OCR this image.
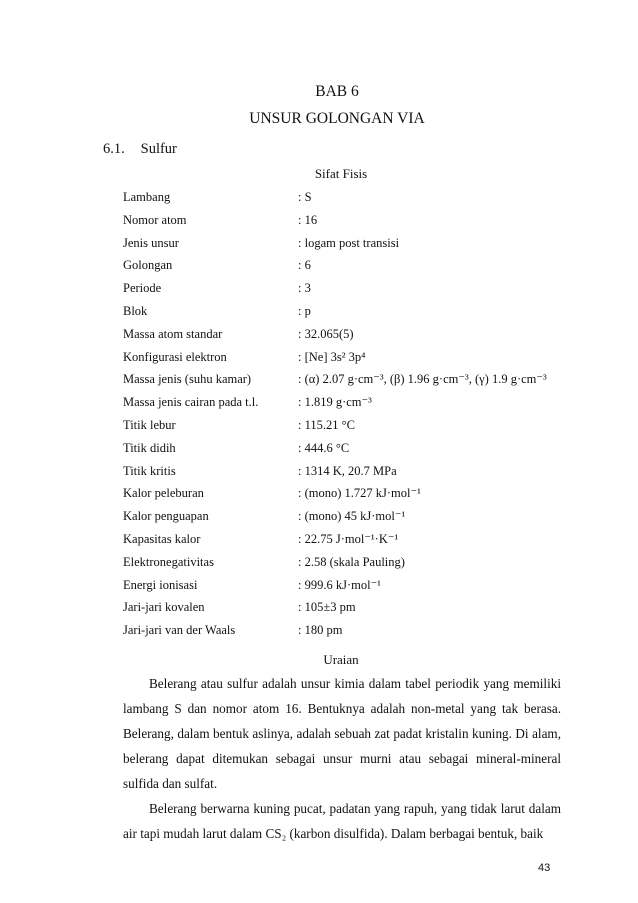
BAB 6
UNSUR GOLONGAN VIA
6.1. Sulfur
Sifat Fisis
Lambang	: S
Nomor atom	: 16
Jenis unsur	: logam post transisi
Golongan	: 6
Periode	: 3
Blok	: p
Massa atom standar	: 32.065(5)
Konfigurasi elektron	: [Ne] 3s² 3p⁴
Massa jenis (suhu kamar)	: (α) 2.07 g·cm⁻³, (β) 1.96 g·cm⁻³, (γ) 1.9 g·cm⁻³
Massa jenis cairan pada t.l.	: 1.819 g·cm⁻³
Titik lebur	: 115.21 °C
Titik didih	: 444.6 °C
Titik kritis	: 1314 K, 20.7 MPa
Kalor peleburan	: (mono) 1.727 kJ·mol⁻¹
Kalor penguapan	: (mono) 45 kJ·mol⁻¹
Kapasitas kalor	: 22.75 J·mol⁻¹·K⁻¹
Elektronegativitas	: 2.58 (skala Pauling)
Energi ionisasi	: 999.6 kJ·mol⁻¹
Jari-jari kovalen	: 105±3 pm
Jari-jari van der Waals	: 180 pm
Uraian

Belerang atau sulfur adalah unsur kimia dalam tabel periodik yang memiliki lambang S dan nomor atom 16. Bentuknya adalah non-metal yang tak berasa. Belerang, dalam bentuk aslinya, adalah sebuah zat padat kristalin kuning. Di alam, belerang dapat ditemukan sebagai unsur murni atau sebagai mineral-mineral sulfida dan sulfat.

Belerang berwarna kuning pucat, padatan yang rapuh, yang tidak larut dalam air tapi mudah larut dalam CS₂ (karbon disulfida). Dalam berbagai bentuk, baik

43
